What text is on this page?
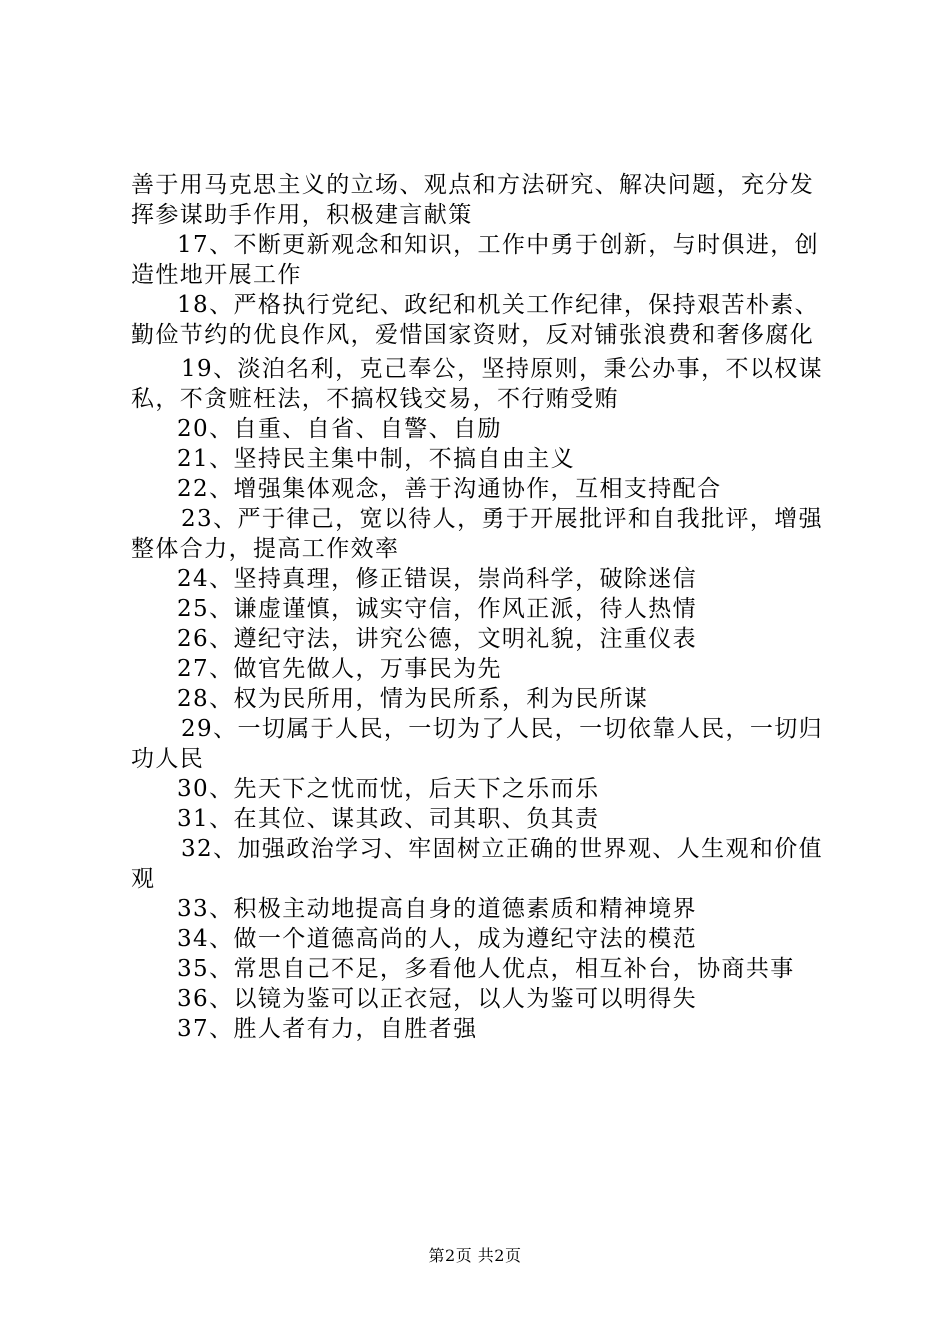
善于用马克思主义的立场、观点和方法研究、解决问题，充分发挥参谋助手作用，积极建言献策

17、不断更新观念和知识，工作中勇于创新，与时俱进，创造性地开展工作

18、严格执行党纪、政纪和机关工作纪律，保持艰苦朴素、勤俭节约的优良作风，爱惜国家资财，反对铺张浪费和奢侈腐化

19、淡泊名利，克己奉公，坚持原则，秉公办事，不以权谋私，不贪赃枉法，不搞权钱交易，不行贿受贿

20、自重、自省、自警、自励

21、坚持民主集中制，不搞自由主义

22、增强集体观念，善于沟通协作，互相支持配合

23、严于律己，宽以待人，勇于开展批评和自我批评，增强整体合力，提高工作效率

24、坚持真理，修正错误，崇尚科学，破除迷信

25、谦虚谨慎，诚实守信，作风正派，待人热情

26、遵纪守法，讲究公德，文明礼貌，注重仪表

27、做官先做人，万事民为先

28、权为民所用，情为民所系，利为民所谋

29、一切属于人民，一切为了人民，一切依靠人民，一切归功人民

30、先天下之忧而忧，后天下之乐而乐

31、在其位、谋其政、司其职、负其责

32、加强政治学习、牢固树立正确的世界观、人生观和价值观

33、积极主动地提高自身的道德素质和精神境界

34、做一个道德高尚的人，成为遵纪守法的模范

35、常思自己不足，多看他人优点，相互补台，协商共事

36、以镜为鉴可以正衣冠，以人为鉴可以明得失

37、胜人者有力，自胜者强

第2页 共2页
